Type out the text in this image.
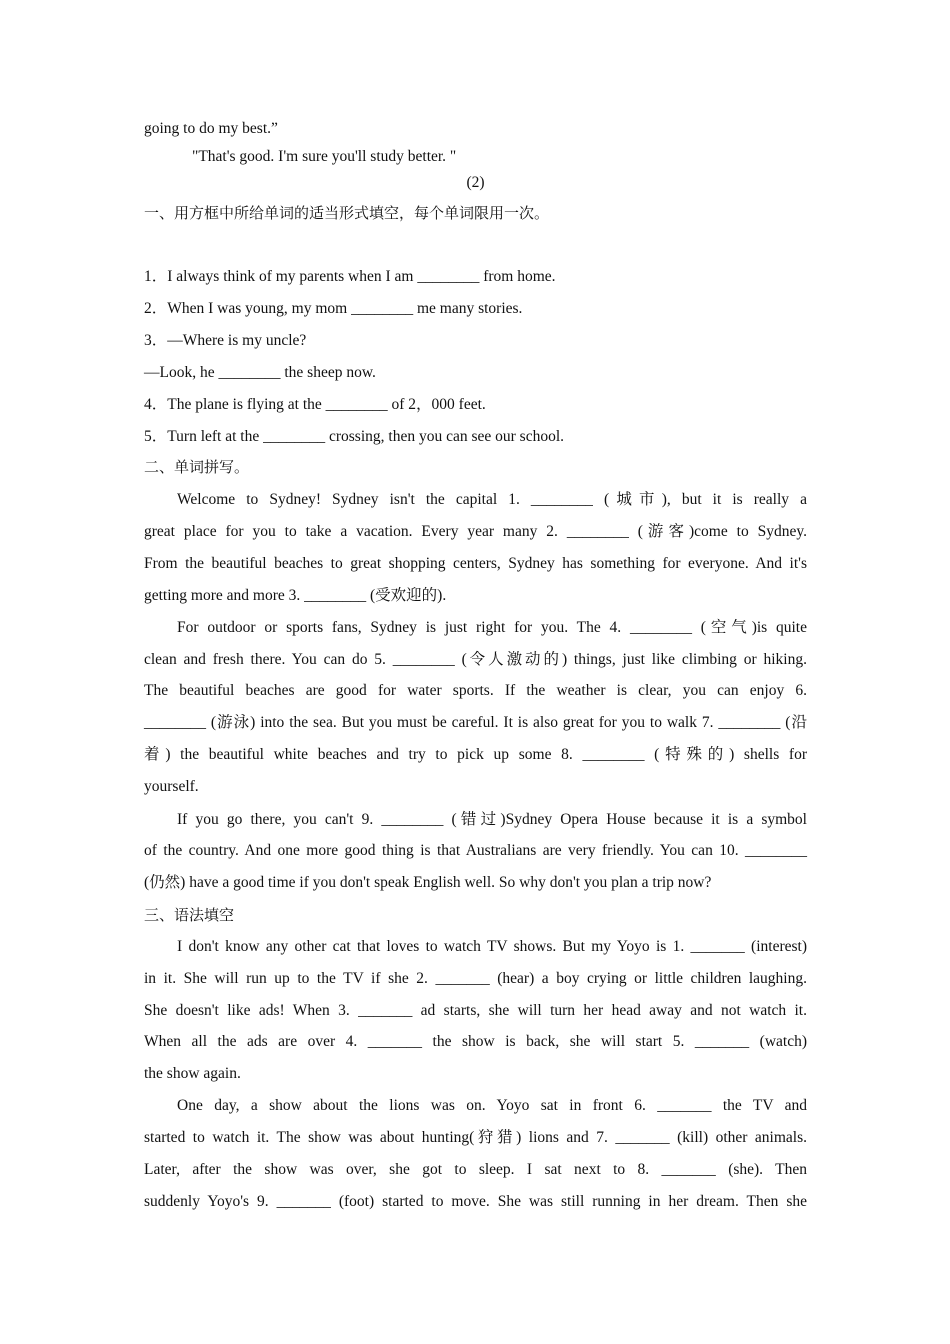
going to do my best.”
"That's good. I'm sure you'll study better. "
(2)
一、用方框中所给单词的适当形式填空，每个单词限用一次。
1．I always think of my parents when I am ________ from home.
2．When I was young, my mom ________ me many stories.
3．—Where is my uncle?
—Look, he ________ the sheep now.
4．The plane is flying at the ________ of 2，000 feet.
5．Turn left at the ________ crossing, then you can see our school.
二、单词拼写。
Welcome to Sydney! Sydney isn't the capital 1. ________ (城市), but it is really a
great place for you to take a vacation. Every year many 2. ________ (游客)come to Sydney.
From the beautiful beaches to great shopping centers, Sydney has something for everyone. And it's
getting more and more 3. ________ (受欢迎的).
For outdoor or sports fans, Sydney is just right for you. The 4. ________ (空气)is quite
clean and fresh there. You can do 5. ________ (令人激动的) things, just like climbing or hiking.
The beautiful beaches are good for water sports. If the weather is clear, you can enjoy 6.
________ (游泳) into the sea. But you must be careful. It is also great for you to walk 7. ________ (沿
着) the beautiful white beaches and try to pick up some 8. ________ (特殊的) shells for
yourself.
If you go there, you can't 9. ________ (错过)Sydney Opera House because it is a symbol
of the country. And one more good thing is that Australians are very friendly. You can 10. ________
(仍然) have a good time if you don't speak English well. So why don't you plan a trip now?
三、语法填空
I don't know any other cat that loves to watch TV shows. But my Yoyo is 1. _______ (interest)
in it. She will run up to the TV if she 2. _______ (hear) a boy crying or little children laughing.
She doesn't like ads! When 3. _______ ad starts, she will turn her head away and not watch it.
When all the ads are over 4. _______ the show is back, she will start 5. _______ (watch)
the show again.
One day, a show about the lions was on. Yoyo sat in front 6. _______ the TV and
started to watch it. The show was about hunting(狩猎) lions and 7. _______ (kill) other animals.
Later, after the show was over, she got to sleep. I sat next to 8. _______ (she). Then
suddenly Yoyo's 9. _______ (foot) started to move. She was still running in her dream. Then she
